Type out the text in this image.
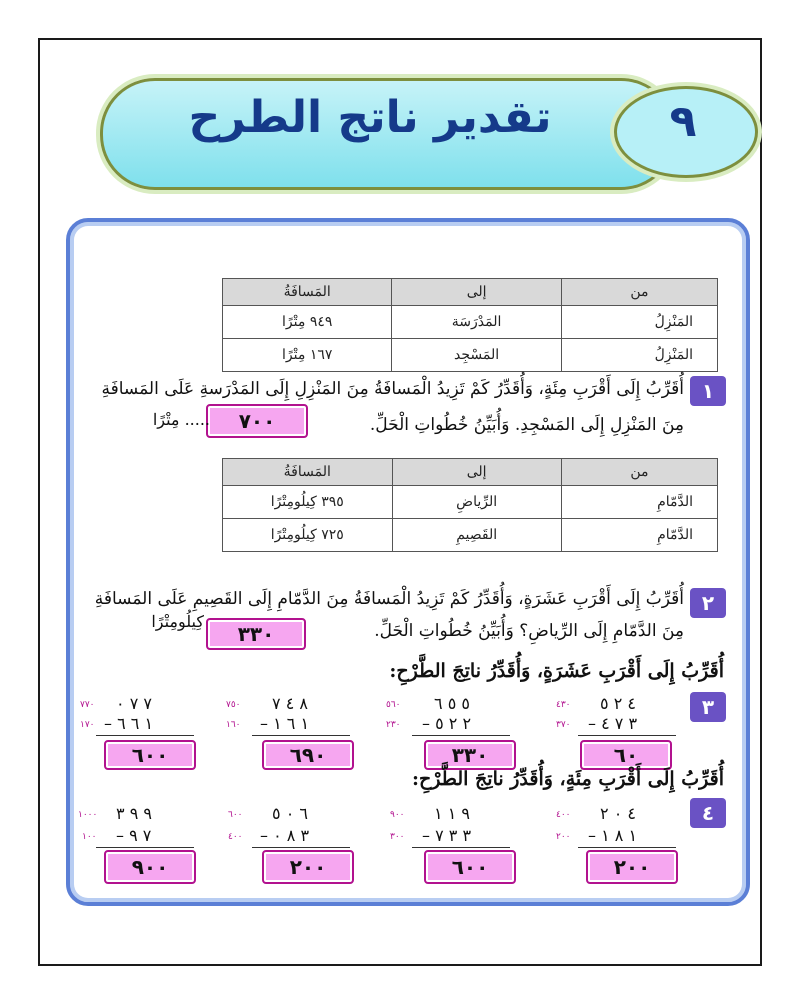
تقدير ناتج الطرح	٩
من	إلى	المَسافَةُ
المَنْزِلُ	المَدْرَسَة	٩٤٩ مِتْرًا
المَنْزِلُ	المَسْجِد	١٦٧ مِتْرًا
١
أُقَرِّبُ إِلَى أَقْرَبِ مِئَةٍ، وَأُقَدِّرُ كَمْ تَزِيدُ الْمَسافَةُ مِنَ المَنْزِلِ إِلَى المَدْرَسةِ عَلَى المَسافَةِ
مِنَ المَنْزِلِ إِلَى المَسْجِدِ. وَأُبَيِّنُ خُطُواتِ الْحَلِّ.
٧٠٠
..... مِتْرًا
من	إلى	المَسافَةُ
الدَّمّامِ	الرِّياضِ	٣٩٥ كِيلُومِتْرًا
الدَّمّامِ	القَصِيمِ	٧٢٥ كِيلُومِتْرًا
٢
أُقَرِّبُ إِلَى أَقْرَبِ عَشَرَةٍ، وَأُقَدِّرُ كَمْ تَزِيدُ الْمَسافَةُ مِنَ الدَّمّامِ إِلَى القَصِيمِ عَلَى المَسافَةِ
مِنَ الدَّمّامِ إِلَى الرِّياضِ؟ وَأُبَيِّنُ خُطُواتِ الْحَلِّ.
٣٣٠
كِيلُومِتْرًا
أُقَرِّبُ إِلَى أَقْرَبِ عَشَرَةٍ، وَأُقَدِّرُ ناتِجَ الطَّرْحِ:
٣
٤ ٢ ٥
٤٣٠
٣ ٧ ٤ –
٣٧٠
٦٠
٥ ٥ ٦
٥٦٠
٢ ٢ ٥ –
٢٣٠
٣٣٠
٨ ٤ ٧
٧٥٠
١ ٦ ١ –
١٦٠
٦٩٠
٧ ٧ ٠
٧٧٠
١ ٦ ٦ –
١٧٠
٦٠٠
أُقَرِّبُ إِلَى أَقْرَبِ مِئَةٍ، وَأُقَدِّرُ ناتِجَ الطَّرْحِ:
٤
٤ ٠ ٢
٤٠٠
١ ٨ ١ –
٢٠٠
٢٠٠
٩ ١ ١
٩٠٠
٣ ٣ ٧ –
٣٠٠
٦٠٠
٦ ٠ ٥
٦٠٠
٣ ٨ ٠ –
٤٠٠
٢٠٠
٩ ٩ ٣
١٠٠٠
٧ ٩ –
١٠٠
٩٠٠
